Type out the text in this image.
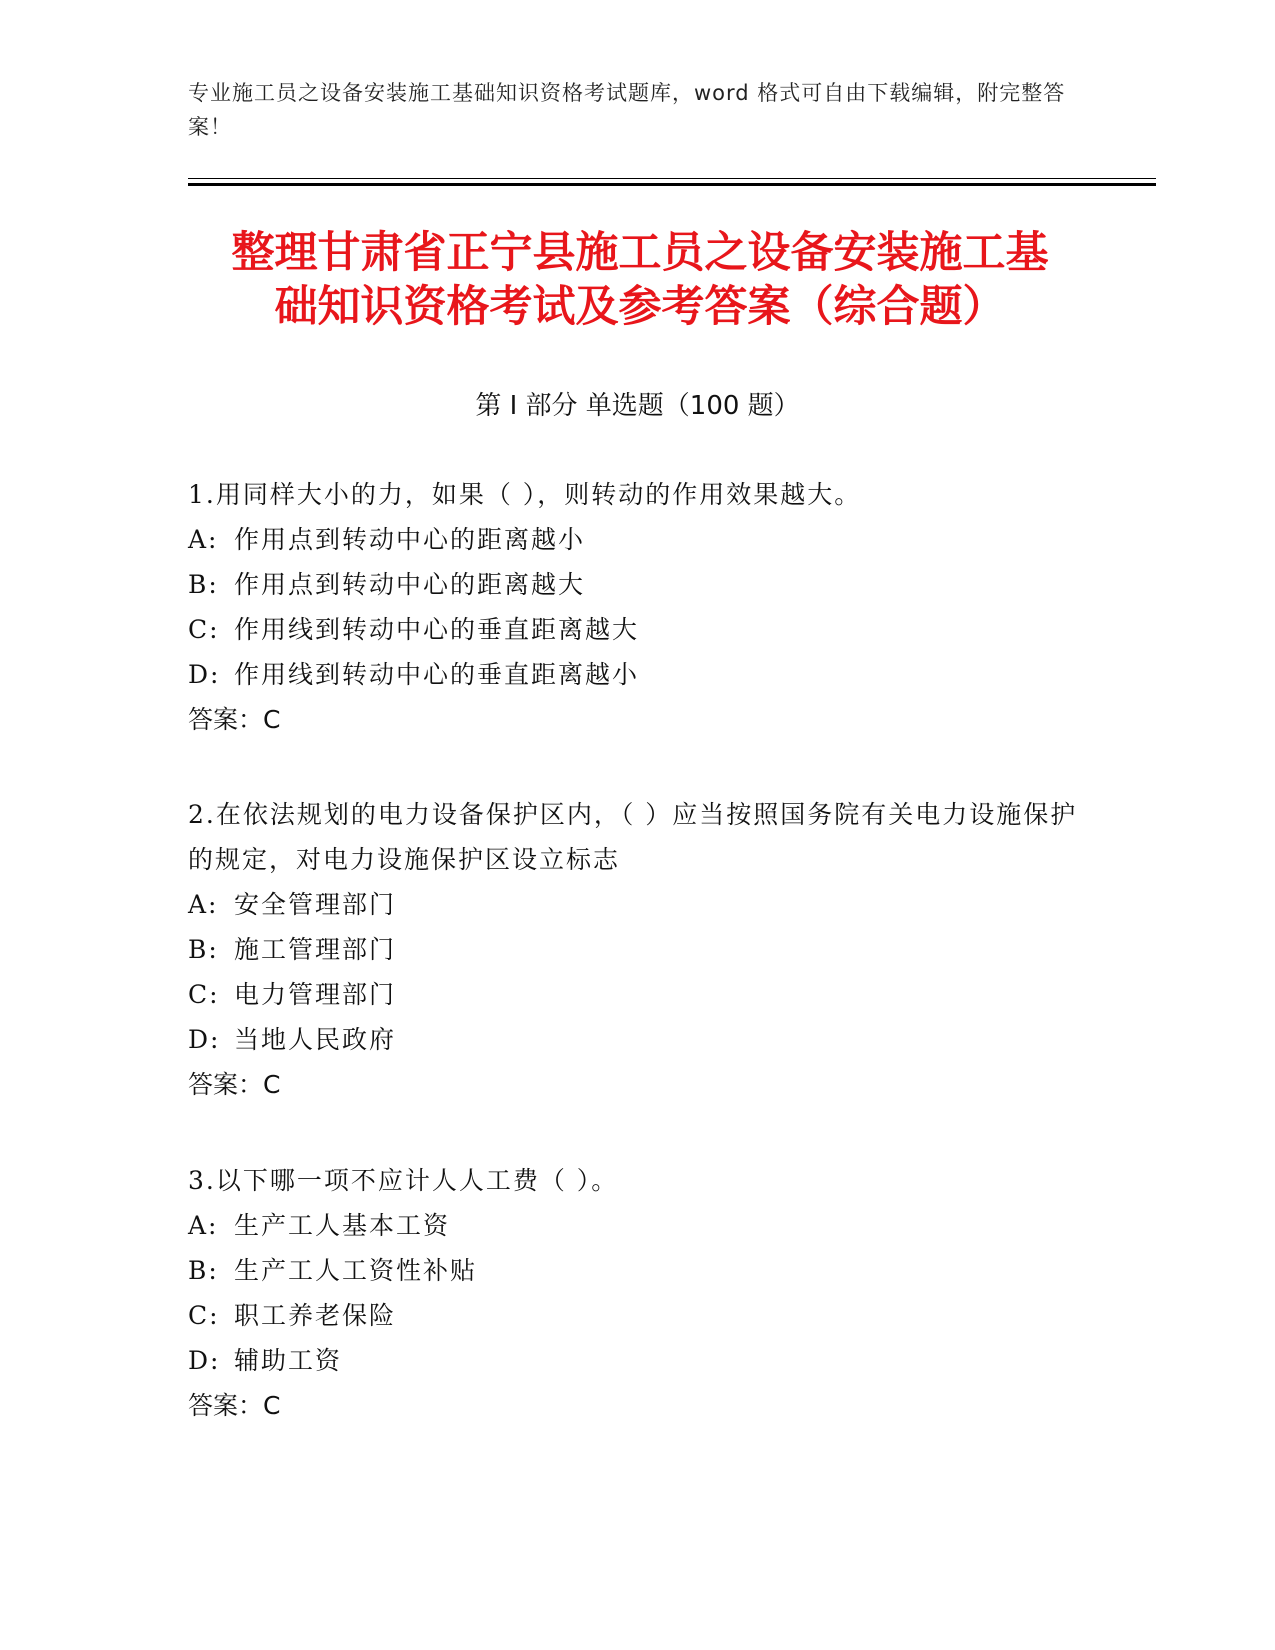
专业施工员之设备安装施工基础知识资格考试题库，word 格式可自由下载编辑，附完整答案！
整理甘肃省正宁县施工员之设备安装施工基
础知识资格考试及参考答案（综合题）
第 I 部分 单选题（100 题）

1.用同样大小的力，如果（ ），则转动的作用效果越大。

A: 作用点到转动中心的距离越小

B: 作用点到转动中心的距离越大

C: 作用线到转动中心的垂直距离越大

D: 作用线到转动中心的垂直距离越小

答案：C

2.在依法规划的电力设备保护区内，（ ）应当按照国务院有关电力设施保护的规定，对电力设施保护区设立标志

A: 安全管理部门

B: 施工管理部门

C: 电力管理部门

D: 当地人民政府

答案：C

3.以下哪一项不应计人人工费（ ）。

A: 生产工人基本工资

B: 生产工人工资性补贴

C: 职工养老保险

D: 辅助工资

答案：C
